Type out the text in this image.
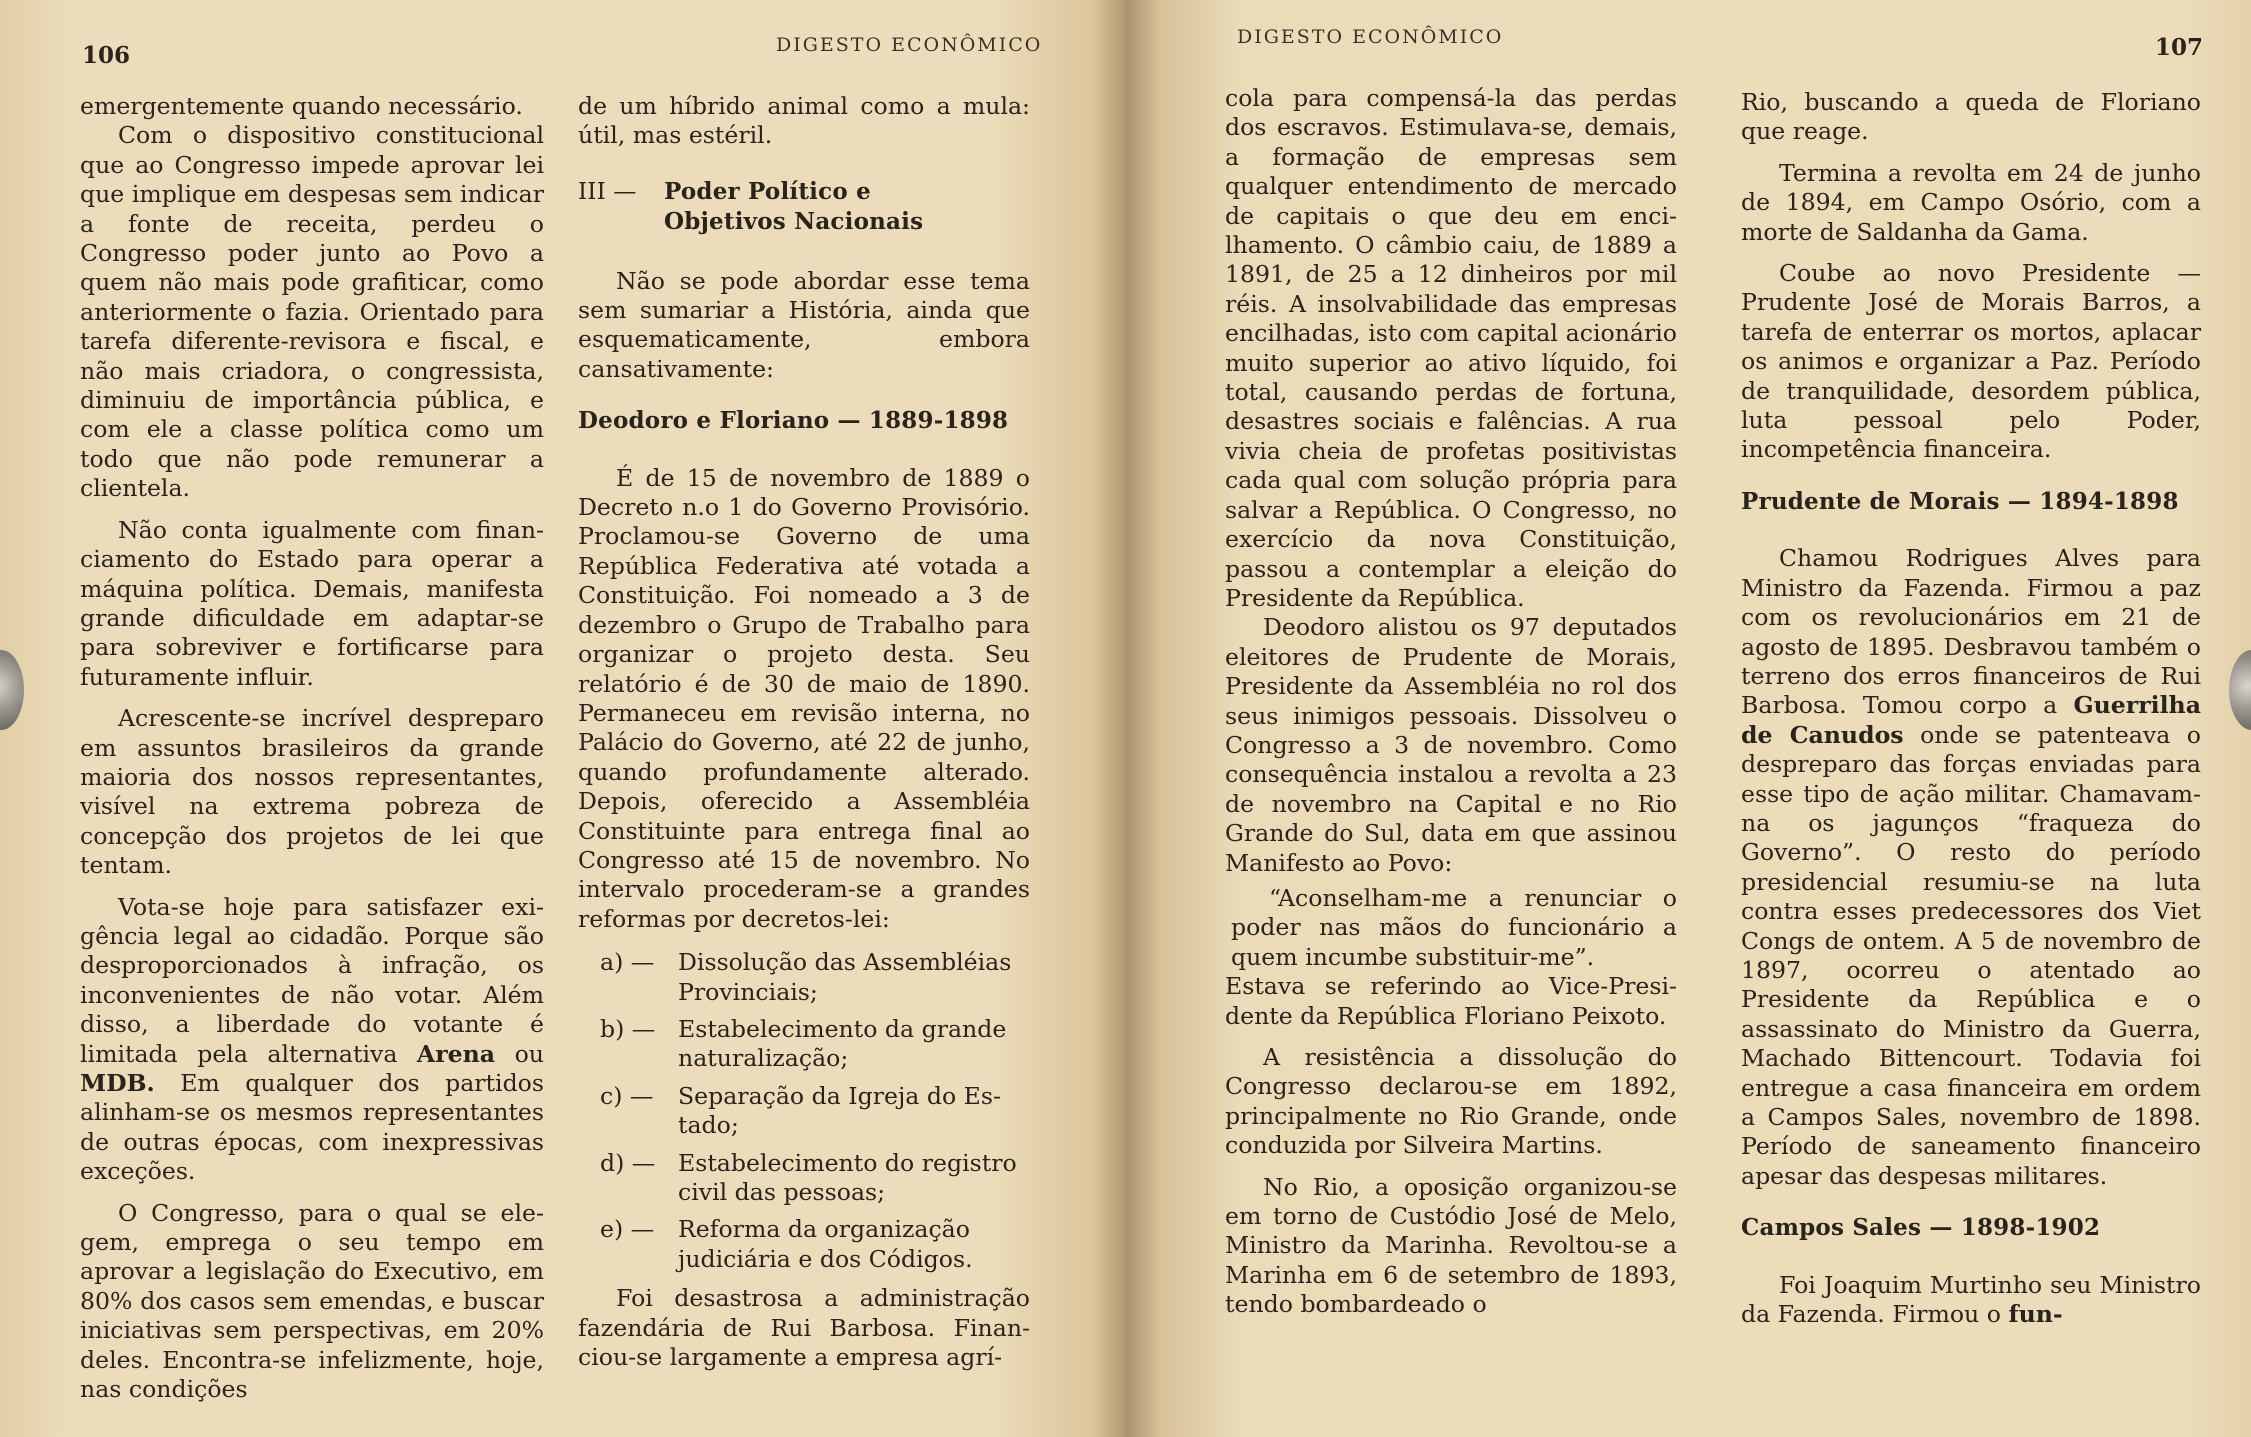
106	DIGESTO ECONÔMICO

emergentemente quando necessário.

Com o dispositivo constitucional que ao Congresso impede aprovar lei que implique em despesas sem indicar a fonte de receita, perdeu o Congresso poder junto ao Povo a quem não mais pode grafiticar, como anteriormente o fazia. Orientado para tarefa diferente-revisora e fiscal, e não mais criadora, o congressista, diminuiu de importância pública, e com ele a classe política como um todo que não pode remunerar a clientela.

Não conta igualmente com financiamento do Estado para operar a máquina política. Demais, manifesta grande dificuldade em adaptar-se para sobreviver e fortificarse para futuramente influir.

Acrescente-se incrível despreparo em assuntos brasileiros da grande maioria dos nossos representantes, visível na extrema pobreza de concepção dos projetos de lei que tentam.

Vota-se hoje para satisfazer exigência legal ao cidadão. Porque são desproporcionados à infração, os inconvenientes de não votar. Além disso, a liberdade do votante é limitada pela alternativa Arena ou MDB. Em qualquer dos partidos alinham-se os mesmos representantes de outras épocas, com inexpressivas exceções.

O Congresso, para o qual se elegem, emprega o seu tempo em aprovar a legislação do Executivo, em 80% dos casos sem emendas, e buscar iniciativas sem perspectivas, em 20% deles. Encontra-se infelizmente, hoje, nas condições

de um híbrido animal como a mula: útil, mas estéril.

III — Poder Político e
Objetivos Nacionais

Não se pode abordar esse tema sem sumariar a História, ainda que esquematicamente, embora cansativamente:

Deodoro e Floriano — 1889-1898

É de 15 de novembro de 1889 o Decreto n.o 1 do Governo Provisório. Proclamou-se Governo de uma República Federativa até votada a Constituição. Foi nomeado a 3 de dezembro o Grupo de Trabalho para organizar o projeto desta. Seu relatório é de 30 de maio de 1890. Permaneceu em revisão interna, no Palácio do Governo, até 22 de junho, quando profundamente alterado. Depois, oferecido a Assembléia Constituinte para entrega final ao Congresso até 15 de novembro. No intervalo procederam-se a grandes reformas por decretos-lei:

a) — Dissolução das Assembléias Provinciais;
b) — Estabelecimento da grande naturalização;
c) — Separação da Igreja do Estado;
d) — Estabelecimento do registro civil das pessoas;
e) — Reforma da organização judiciária e dos Códigos.

Foi desastrosa a administração fazendária de Rui Barbosa. Financiou-se largamente a empresa agrí-

DIGESTO ECONÔMICO	107

cola para compensá-la das perdas dos escravos. Estimulava-se, demais, a formação de empresas sem qualquer entendimento de mercado de capitais o que deu em encilhamento. O câmbio caiu, de 1889 a 1891, de 25 a 12 dinheiros por mil réis. A insolvabilidade das empresas encilhadas, isto com capital acionário muito superior ao ativo líquido, foi total, causando perdas de fortuna, desastres sociais e falências. A rua vivia cheia de profetas positivistas cada qual com solução própria para salvar a República. O Congresso, no exercício da nova Constituição, passou a contemplar a eleição do Presidente da República.

Deodoro alistou os 97 deputados eleitores de Prudente de Morais, Presidente da Assembléia no rol dos seus inimigos pessoais. Dissolveu o Congresso a 3 de novembro. Como consequência instalou a revolta a 23 de novembro na Capital e no Rio Grande do Sul, data em que assinou Manifesto ao Povo:

“Aconselham-me a renunciar o poder nas mãos do funcionário a quem incumbe substituir-me”.

Estava se referindo ao Vice-Presidente da República Floriano Peixoto.

A resistência a dissolução do Congresso declarou-se em 1892, principalmente no Rio Grande, onde conduzida por Silveira Martins.

No Rio, a oposição organizou-se em torno de Custódio José de Melo, Ministro da Marinha. Revoltou-se a Marinha em 6 de setembro de 1893, tendo bombardeado o

Rio, buscando a queda de Floriano que reage.

Termina a revolta em 24 de junho de 1894, em Campo Osório, com a morte de Saldanha da Gama.

Coube ao novo Presidente — Prudente José de Morais Barros, a tarefa de enterrar os mortos, aplacar os animos e organizar a Paz. Período de tranquilidade, desordem pública, luta pessoal pelo Poder, incompetência financeira.

Prudente de Morais — 1894-1898

Chamou Rodrigues Alves para Ministro da Fazenda. Firmou a paz com os revolucionários em 21 de agosto de 1895. Desbravou também o terreno dos erros financeiros de Rui Barbosa. Tomou corpo a Guerrilha de Canudos onde se patenteava o despreparo das forças enviadas para esse tipo de ação militar. Chamavam-na os jagunços “fraqueza do Governo”. O resto do período presidencial resumiu-se na luta contra esses predecessores dos Viet Congs de ontem. A 5 de novembro de 1897, ocorreu o atentado ao Presidente da República e o assassinato do Ministro da Guerra, Machado Bittencourt. Todavia foi entregue a casa financeira em ordem a Campos Sales, novembro de 1898. Período de saneamento financeiro apesar das despesas militares.

Campos Sales — 1898-1902

Foi Joaquim Murtinho seu Ministro da Fazenda. Firmou o fun-
